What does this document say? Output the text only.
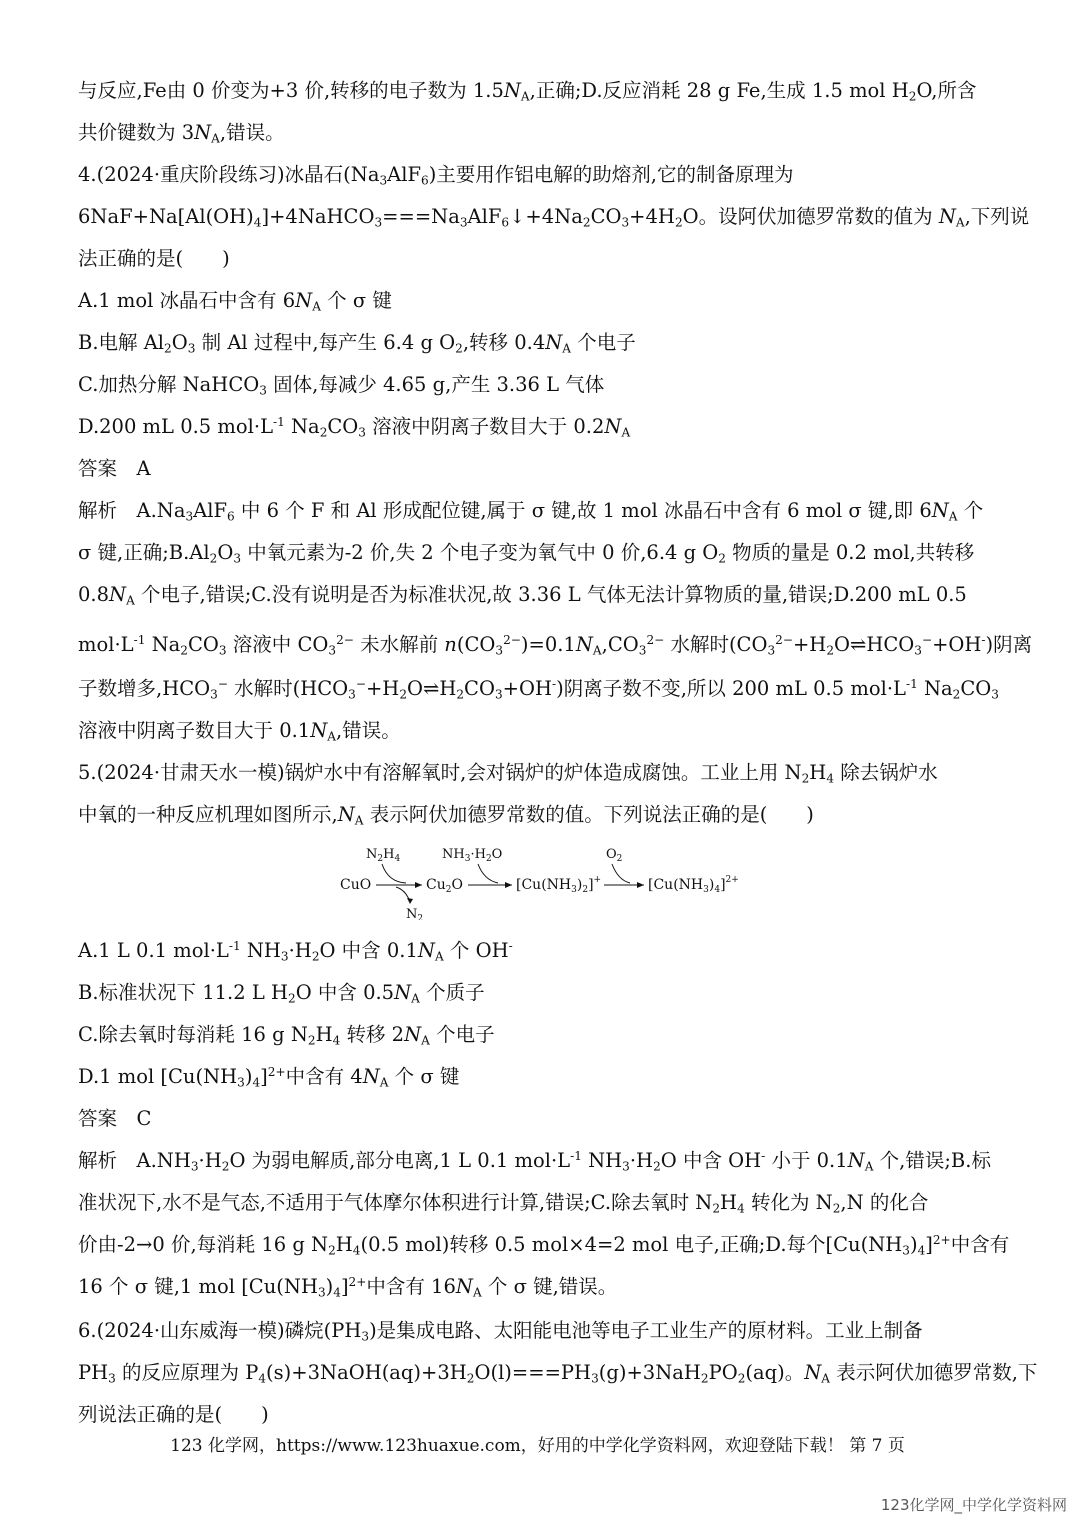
与反应,Fe由 0 价变为+3 价,转移的电子数为 $1.5N_A$,正确;D.反应消耗 28 g Fe,生成 1.5 mol $H_2O$,所含
共价键数为 $3N_A$,错误。
4.(2024·重庆阶段练习)冰晶石$(Na_3AlF_6)$主要用作铝电解的助熔剂,它的制备原理为
$6NaF+Na[Al(OH)_4]+4NaHCO_3===Na_3AlF_6↓+4Na_2CO_3+4H_2O$。设阿伏加德罗常数的值为 $N_A$,下列说
法正确的是(　　)
A.1 mol 冰晶石中含有 $6N_A$ 个 σ 键
B.电解 $Al_2O_3$ 制 Al 过程中,每产生 6.4 g $O_2$,转移 $0.4N_A$ 个电子
C.加热分解 NaHCO$_3$ 固体,每减少 4.65 g,产生 3.36 L 气体
D.200 mL 0.5 $mol\cdot L^{-1}$ $Na_2CO_3$ 溶液中阴离子数目大于 $0.2N_A$
答案　A
解析　$A.Na_3AlF_6$ 中 6 个 F 和 Al 形成配位键,属于 σ 键,故 1 mol 冰晶石中含有 6 mol σ 键,即 $6N_A$ 个
σ 键,正确$;B.Al_2O_3$ 中氧元素为-2 价,失 2 个电子变为氧气中 0 价,6.4 g $O_2$ 物质的量是 0.2 mol,共转移
$0.8N_A$ 个电子,错误;C.没有说明是否为标准状况,故 3.36 L 气体无法计算物质的量,错误;D.200 mL 0.5
$mol\cdot L^{-1}$ $Na_2CO_3$ 溶液中 $CO_3^{2-}$ 未水解前 $n(CO_3^{2-})=0.1N_A,CO_3^{2-}$ 水解时$(CO_3^{2-}+H_2O\rightleftharpoons HCO_3^-+OH^-)$阴离
子数增多$,HCO_3^-$ 水解时$(HCO_3^-+H_2O\rightleftharpoons H_2CO_3+OH^-)$阴离子数不变,所以 200 mL 0.5 $mol\cdot L^{-1}$ $Na_2CO_3$
溶液中阴离子数目大于 $0.1N_A$,错误。
5.(2024·甘肃天水一模)锅炉水中有溶解氧时,会对锅炉的炉体造成腐蚀。工业上用 $N_2H_4$ 除去锅炉水
中氧的一种反应机理如图所示$,N_A$ 表示阿伏加德罗常数的值。下列说法正确的是(　　)
A.1 L 0.1 $mol\cdot L^{-1}$ $NH_3\cdot H_2O$ 中含 $0.1N_A$ 个 OH-
B.标准状况下 11.2 L $H_2O$ 中含 $0.5N_A$ 个质子
C.除去氧时每消耗 16 g $N_2H_4$ 转移 $2N_A$ 个电子
D.1 mol $[Cu(NH_3)_4]^{2+}$中含有 $4N_A$ 个 σ 键
答案　C
解析　$A.NH_3\cdot H_2O$ 为弱电解质,部分电离,1 L 0.1 $mol\cdot L^{-1}$ $NH_3\cdot H_2O$ 中含 OH- 小于 $0.1N_A$ 个,错误;B.标
准状况下,水不是气态,不适用于气体摩尔体积进行计算,错误;C.除去氧时 $N_2H_4$ 转化为 $N_2,N$ 的化合
价由-2→0 价,每消耗 16 g $N_2H_4(0.5$ mol)转移 0.5 mol×4=2 mol 电子,正确;D.每个$[Cu(NH_3)_4]^{2+}$中含有
16 个 σ 键,1 mol $[Cu(NH_3)_4]^{2+}$中含有 $16N_A$ 个 σ 键,错误。
6.(2024·山东威海一模)磷烷$(PH_3)$是集成电路、太阳能电池等电子工业生产的原材料。工业上制备
$PH_3$ 的反应原理为 $P_4(s)+3NaOH(aq)+3H_2O(l)===PH_3(g)+3NaH_2PO_2(aq)$。$N_A$ 表示阿伏加德罗常数,下
列说法正确的是(　　)
CuO
$N_2H_4$
$N_2$
$Cu_2O$
$NH_3\cdot H_2O$
$[Cu(NH_3)_2]^+$
$O_2$
$[Cu(NH_3)_4]^{2+}$
123 化学网，https://www.123huaxue.com，好用的中学化学资料网，欢迎登陆下载！ 第 7 页
123化学网_中学化学资料网
